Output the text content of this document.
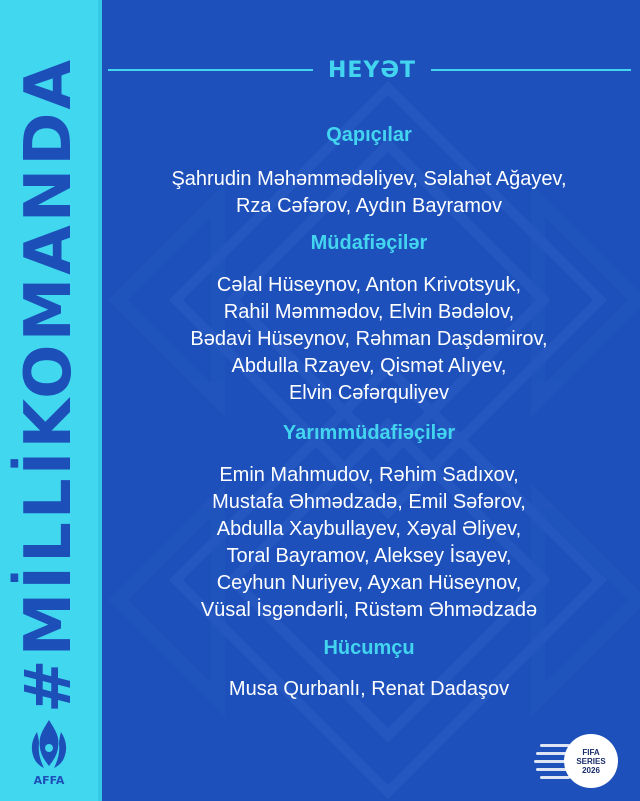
#MİLLİKOMANDA
AFFA
HEYƏT
Qapıçılar
Şahrudin Məhəmmədəliyev, Səlahət Ağayev,
Rza Cəfərov, Aydın Bayramov
Müdafiəçilər
Cəlal Hüseynov, Anton Krivotsyuk,
Rahil Məmmədov, Elvin Bədəlov,
Bədavi Hüseynov, Rəhman Daşdəmirov,
Abdulla Rzayev, Qismət Alıyev,
Elvin Cəfərquliyev
Yarımmüdafiəçilər
Emin Mahmudov, Rəhim Sadıxov,
Mustafa Əhmədzadə, Emil Səfərov,
Abdulla Xaybullayev, Xəyal Əliyev,
Toral Bayramov, Aleksey İsayev,
Ceyhun Nuriyev, Ayxan Hüseynov,
Vüsal İsgəndərli, Rüstəm Əhmədzadə
Hücumçu
Musa Qurbanlı, Renat Dadaşov
FIFA
SERIES
2026
